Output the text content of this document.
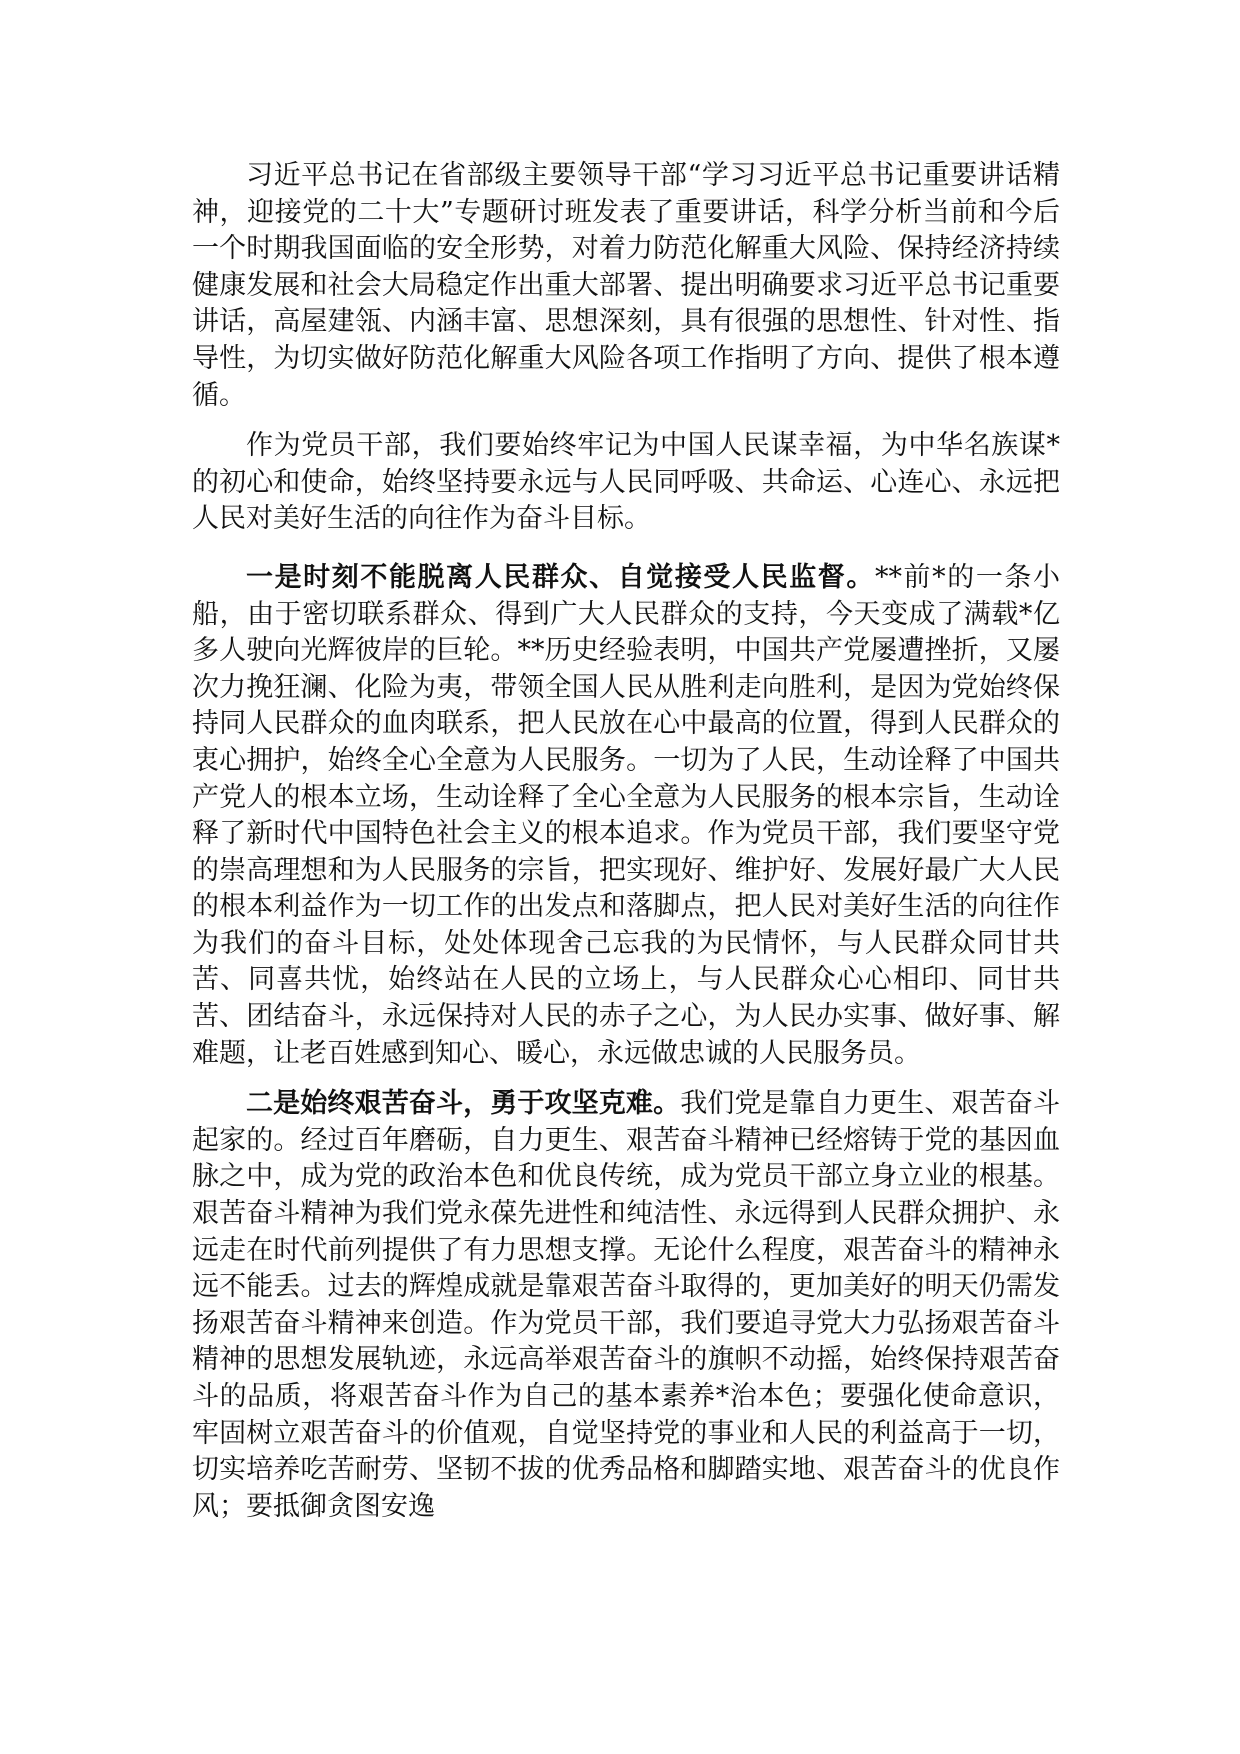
习近平总书记在省部级主要领导干部“学习习近平总书记重要讲话精神，迎接党的二十大”专题研讨班发表了重要讲话，科学分析当前和今后一个时期我国面临的安全形势，对着力防范化解重大风险、保持经济持续健康发展和社会大局稳定作出重大部署、提出明确要求习近平总书记重要讲话，高屋建瓴、内涵丰富、思想深刻，具有很强的思想性、针对性、指导性，为切实做好防范化解重大风险各项工作指明了方向、提供了根本遵循。

作为党员干部，我们要始终牢记为中国人民谋幸福，为中华名族谋*的初心和使命，始终坚持要永远与人民同呼吸、共命运、心连心、永远把人民对美好生活的向往作为奋斗目标。

一是时刻不能脱离人民群众、自觉接受人民监督。**前*的一条小船，由于密切联系群众、得到广大人民群众的支持，今天变成了满载*亿多人驶向光辉彼岸的巨轮。**历史经验表明，中国共产党屡遭挫折，又屡次力挽狂澜、化险为夷，带领全国人民从胜利走向胜利，是因为党始终保持同人民群众的血肉联系，把人民放在心中最高的位置，得到人民群众的衷心拥护，始终全心全意为人民服务。一切为了人民，生动诠释了中国共产党人的根本立场，生动诠释了全心全意为人民服务的根本宗旨，生动诠释了新时代中国特色社会主义的根本追求。作为党员干部，我们要坚守党的崇高理想和为人民服务的宗旨，把实现好、维护好、发展好最广大人民的根本利益作为一切工作的出发点和落脚点，把人民对美好生活的向往作为我们的奋斗目标，处处体现舍己忘我的为民情怀，与人民群众同甘共苦、同喜共忧，始终站在人民的立场上，与人民群众心心相印、同甘共苦、团结奋斗，永远保持对人民的赤子之心，为人民办实事、做好事、解难题，让老百姓感到知心、暖心，永远做忠诚的人民服务员。

二是始终艰苦奋斗，勇于攻坚克难。我们党是靠自力更生、艰苦奋斗起家的。经过百年磨砺，自力更生、艰苦奋斗精神已经熔铸于党的基因血脉之中，成为党的政治本色和优良传统，成为党员干部立身立业的根基。艰苦奋斗精神为我们党永葆先进性和纯洁性、永远得到人民群众拥护、永远走在时代前列提供了有力思想支撑。无论什么程度，艰苦奋斗的精神永远不能丢。过去的辉煌成就是靠艰苦奋斗取得的，更加美好的明天仍需发扬艰苦奋斗精神来创造。作为党员干部，我们要追寻党大力弘扬艰苦奋斗精神的思想发展轨迹，永远高举艰苦奋斗的旗帜不动摇，始终保持艰苦奋斗的品质，将艰苦奋斗作为自己的基本素养*治本色；要强化使命意识，牢固树立艰苦奋斗的价值观，自觉坚持党的事业和人民的利益高于一切，切实培养吃苦耐劳、坚韧不拔的优秀品格和脚踏实地、艰苦奋斗的优良作风；要抵御贪图安逸
